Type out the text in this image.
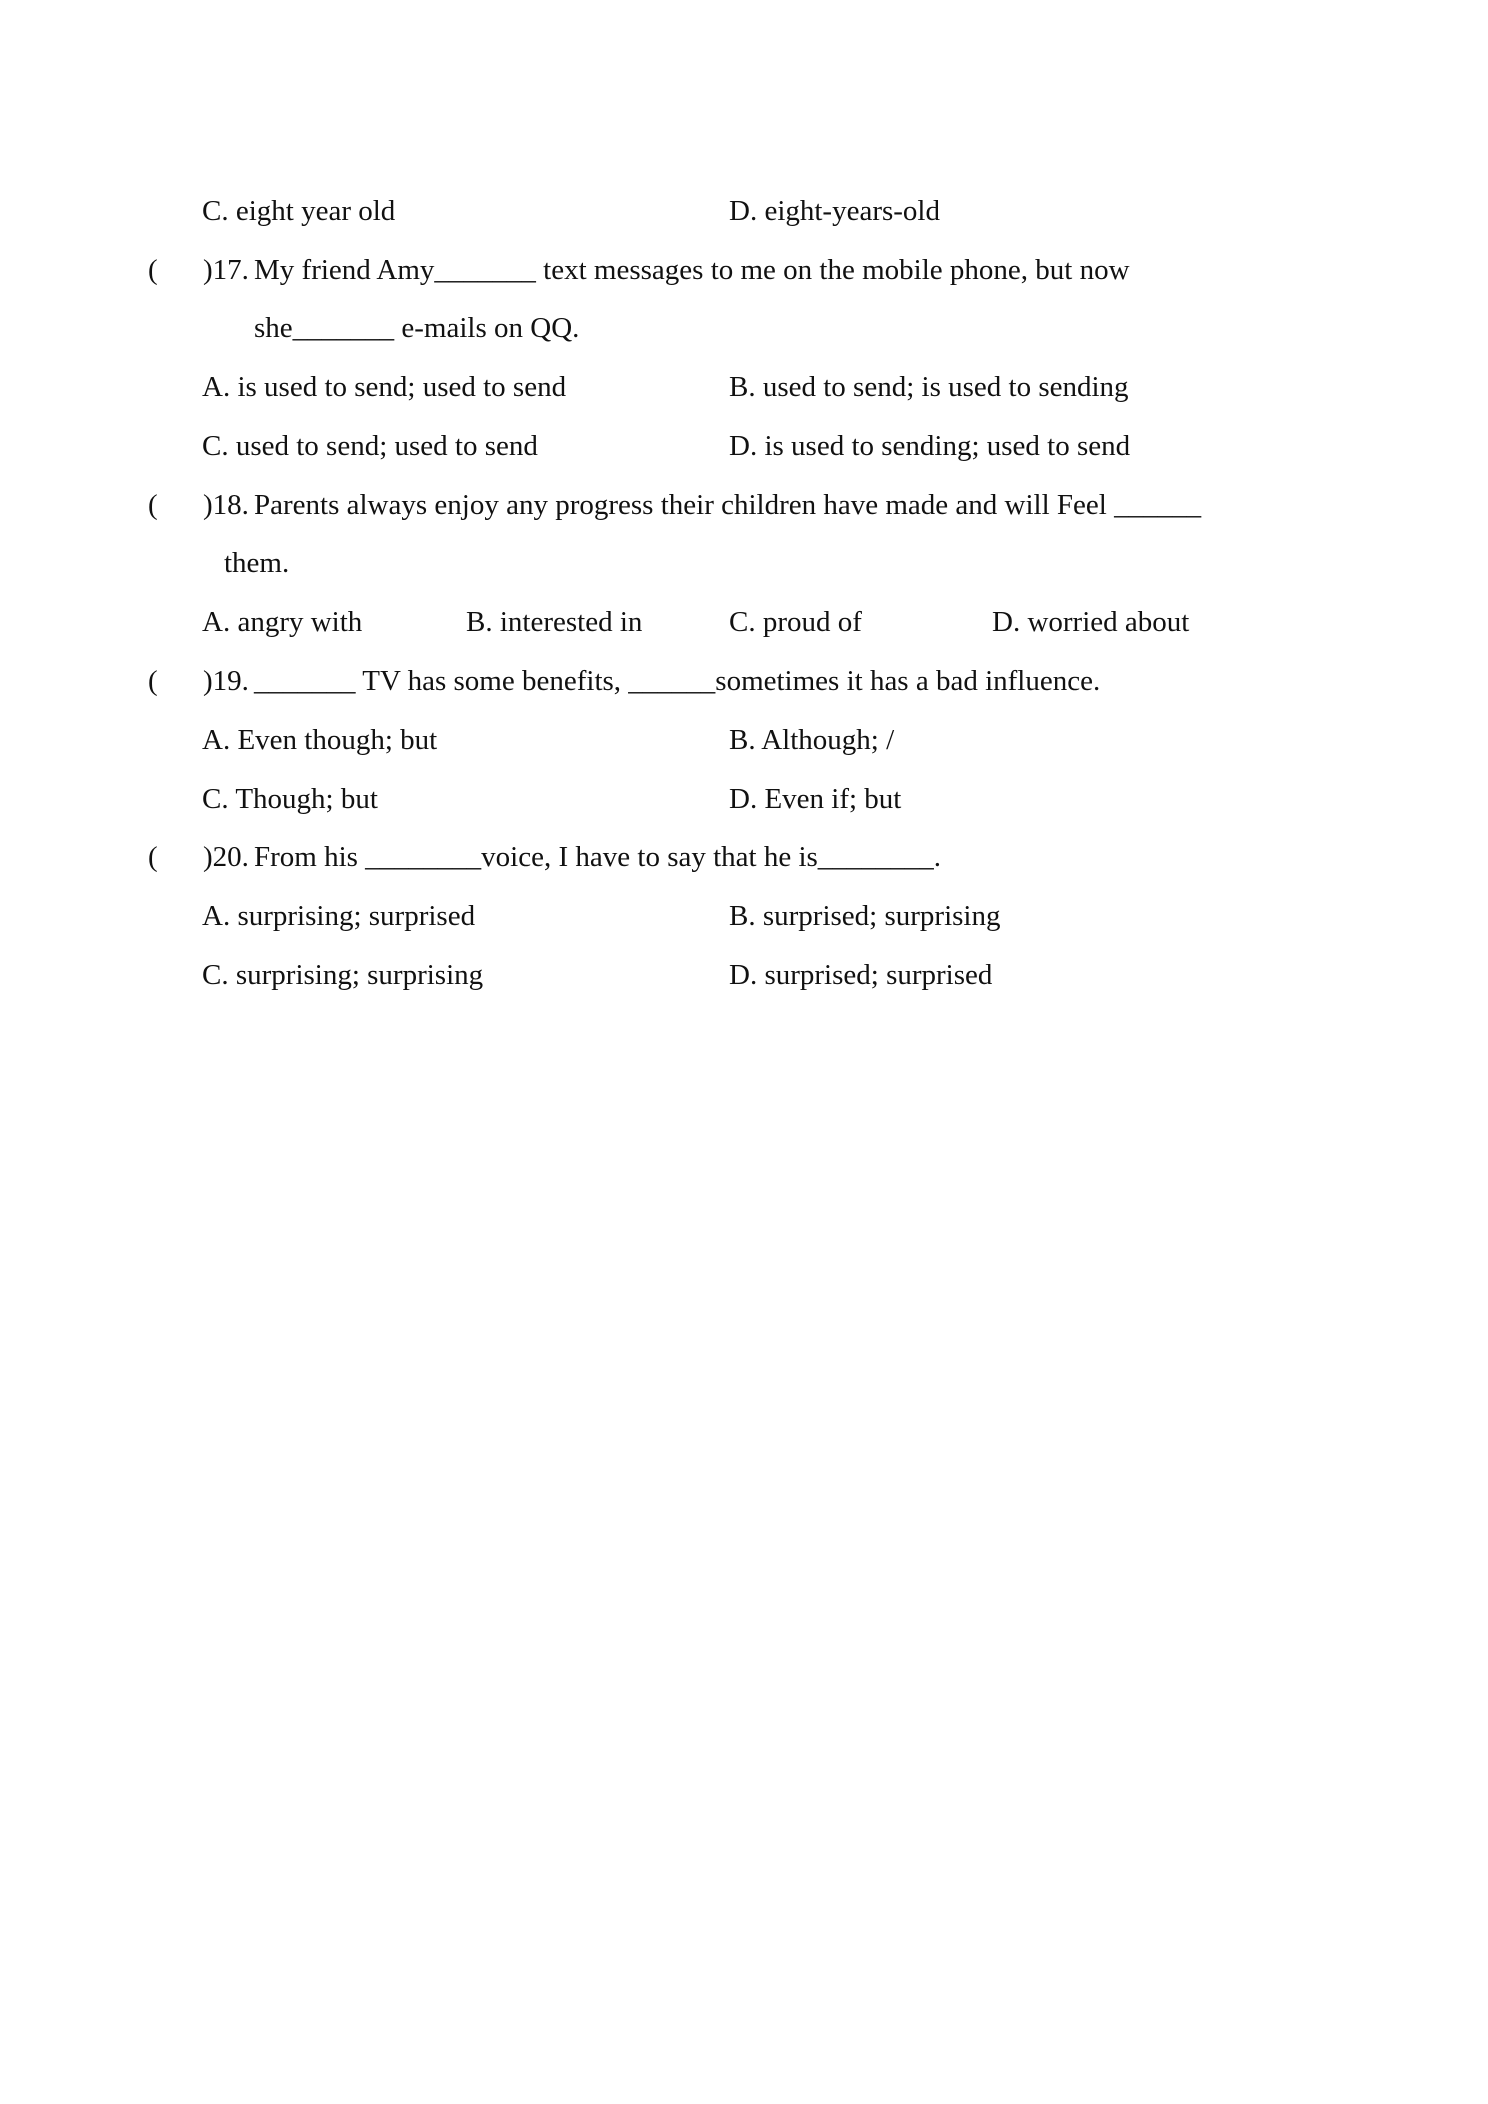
C. eight year old	D. eight-years-old
( )17. My friend Amy_______ text messages to me on the mobile phone, but now
she_______ e-mails on QQ.
A. is used to send; used to send	B. used to send; is used to sending
C. used to send; used to send	D. is used to sending; used to send
( )18. Parents always enjoy any progress their children have made and will Feel ______
them.
A. angry with	B. interested in	C. proud of	D. worried about
( )19. _______ TV has some benefits, ______sometimes it has a bad influence.
A. Even though; but	B. Although; /
C. Though; but	D. Even if; but
( )20. From his ________voice, I have to say that he is________.
A. surprising; surprised	B. surprised; surprising
C. surprising; surprising	D. surprised; surprised
